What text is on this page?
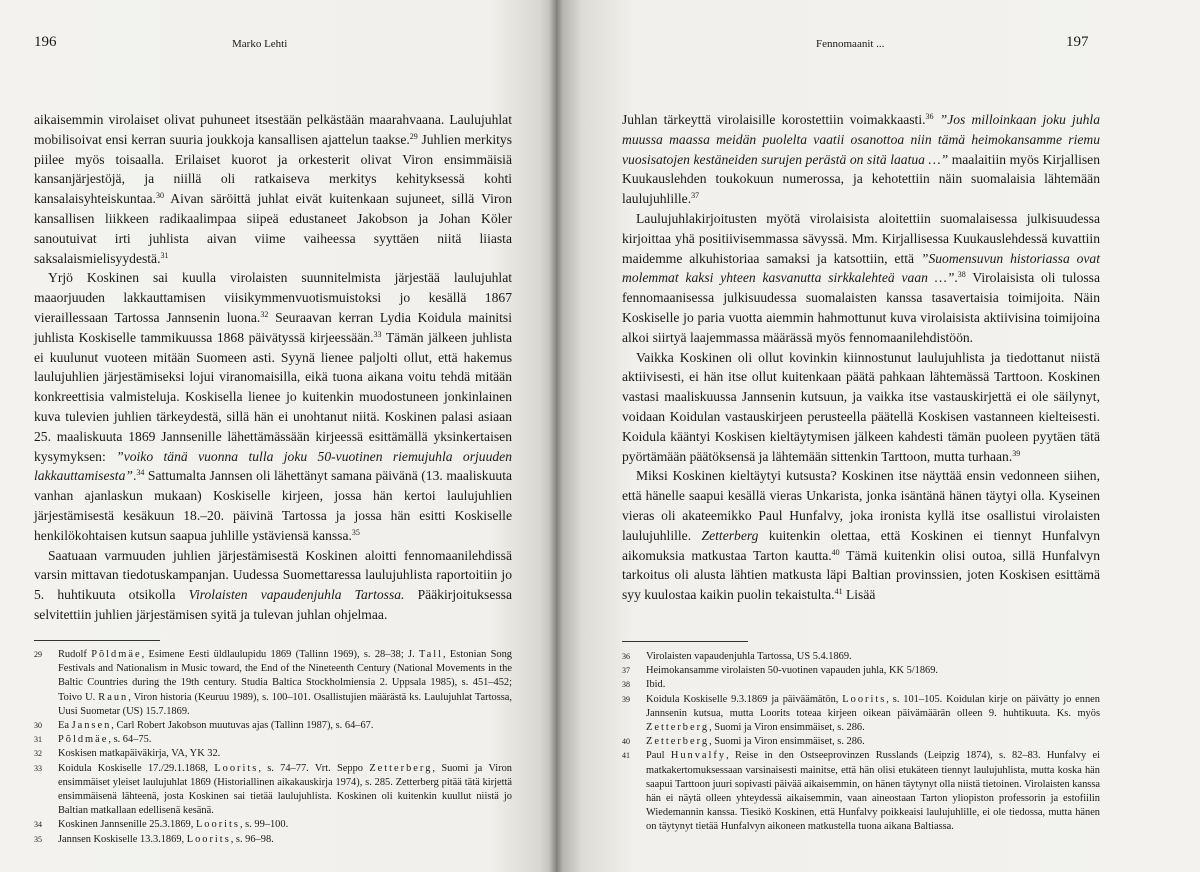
196	Marko Lehti

aikaisemmin virolaiset olivat puhuneet itsestään pelkästään maarahvaana. Laulujuhlat mobilisoivat ensi kerran suuria joukkoja kansallisen ajattelun taakse.$^{29}$ Juhlien merkitys piilee myös toisaalla. Erilaiset kuorot ja orkesterit olivat Viron ensimmäisiä kansanjärjestöjä, ja niillä oli ratkaiseva merkitys kehityksessä kohti kansalaisyhteiskuntaa.$^{30}$ Aivan säröittä juhlat eivät kuitenkaan sujuneet, sillä Viron kansallisen liikkeen radikaalimpaa siipeä edustaneet Jakobson ja Johan Köler sanoutuivat irti juhlista aivan viime vaiheessa syyttäen niitä liiasta saksalaismielisyydestä.$^{31}$

Yrjö Koskinen sai kuulla virolaisten suunnitelmista järjestää laulujuhlat maaorjuuden lakkauttamisen viisikymmenvuotismuistoksi jo kesällä 1867 vieraillessaan Tartossa Jannsenin luona.$^{32}$ Seuraavan kerran Lydia Koidula mainitsi juhlista Koskiselle tammikuussa 1868 päivätyssä kirjeessään.$^{33}$ Tämän jälkeen juhlista ei kuulunut vuoteen mitään Suomeen asti. Syynä lienee paljolti ollut, että hakemus laulujuhlien järjestämiseksi lojui viranomaisilla, eikä tuona aikana voitu tehdä mitään konkreettisia valmisteluja. Koskisella lienee jo kuitenkin muodostuneen jonkinlainen kuva tulevien juhlien tärkeydestä, sillä hän ei unohtanut niitä. Koskinen palasi asiaan 25. maaliskuuta 1869 Jannsenille lähettämässään kirjeessä esittämällä yksinkertaisen kysymyksen: ”voiko tänä vuonna tulla joku 50-vuotinen riemujuhla orjuuden lakkauttamisesta”.$^{34}$ Sattumalta Jannsen oli lähettänyt samana päivänä (13. maaliskuuta vanhan ajanlaskun mukaan) Koskiselle kirjeen, jossa hän kertoi laulujuhlien järjestämisestä kesäkuun 18.–20. päivinä Tartossa ja jossa hän esitti Koskiselle henkilökohtaisen kutsun saapua juhlille ystäviensä kanssa.$^{35}$

Saatuaan varmuuden juhlien järjestämisestä Koskinen aloitti fennomaanilehdissä varsin mittavan tiedotuskampanjan. Uudessa Suomettaressa laulujuhlista raportoitiin jo 5. huhtikuuta otsikolla Virolaisten vapaudenjuhla Tartossa. Pääkirjoituksessa selvitettiin juhlien järjestämisen syitä ja tulevan juhlan ohjelmaa.

29 Rudolf Põldmäe, Esimene Eesti üldlaulupidu 1869 (Tallinn 1969), s. 28–38; J. Tall, Estonian Song Festivals and Nationalism in Music toward, the End of the Nineteenth Century (National Movements in the Baltic Countries during the 19th century. Studia Baltica Stockholmiensia 2. Uppsala 1985), s. 451–452; Toivo U. Raun, Viron historia (Keuruu 1989), s. 100–101. Osallistujien määrästä ks. Laulujuhlat Tartossa, Uusi Suometar (US) 15.7.1869.
30 Ea Jansen, Carl Robert Jakobson muutuvas ajas (Tallinn 1987), s. 64–67.
31 Põldmäe, s. 64–75.
32 Koskisen matkapäiväkirja, VA, YK 32.
33 Koidula Koskiselle 17./29.1.1868, Loorits, s. 74–77. Vrt. Seppo Zetterberg, Suomi ja Viron ensimmäiset yleiset laulujuhlat 1869 (Historiallinen aikakauskirja 1974), s. 285. Zetterberg pitää tätä kirjettä ensimmäisenä lähteenä, josta Koskinen sai tietää laulujuhlista. Koskinen oli kuitenkin kuullut niistä jo Baltian matkallaan edellisenä kesänä.
34 Koskinen Jannsenille 25.3.1869, Loorits, s. 99–100.
35 Jannsen Koskiselle 13.3.1869, Loorits, s. 96–98.
Fennomaanit ...	197

Juhlan tärkeyttä virolaisille korostettiin voimakkaasti.$^{36}$ ”Jos milloinkaan joku juhla muussa maassa meidän puolelta vaatii osanottoa niin tämä heimokansamme riemu vuosisatojen kestäneiden surujen perästä on sitä laatua …” maalaitiin myös Kirjallisen Kuukauslehden toukokuun numerossa, ja kehotettiin näin suomalaisia lähtemään laulujuhlille.$^{37}$

Laulujuhlakirjoitusten myötä virolaisista aloitettiin suomalaisessa julkisuudessa kirjoittaa yhä positiivisemmassa sävyssä. Mm. Kirjallisessa Kuukauslehdessä kuvattiin maidemme alkuhistoriaa samaksi ja katsottiin, että ”Suomensuvun historiassa ovat molemmat kaksi yhteen kasvanutta sirkkalehteä vaan …”.$^{38}$ Virolaisista oli tulossa fennomaanisessa julkisuudessa suomalaisten kanssa tasavertaisia toimijoita. Näin Koskiselle jo paria vuotta aiemmin hahmottunut kuva virolaisista aktiivisina toimijoina alkoi siirtyä laajemmassa määrässä myös fennomaanilehdistöön.

Vaikka Koskinen oli ollut kovinkin kiinnostunut laulujuhlista ja tiedottanut niistä aktiivisesti, ei hän itse ollut kuitenkaan päätä pahkaan lähtemässä Tarttoon. Koskinen vastasi maaliskuussa Jannsenin kutsuun, ja vaikka itse vastauskirjettä ei ole säilynyt, voidaan Koidulan vastauskirjeen perusteella päätellä Koskisen vastanneen kielteisesti. Koidula kääntyi Koskisen kieltäytymisen jälkeen kahdesti tämän puoleen pyytäen tätä pyörtämään päätöksensä ja lähtemään sittenkin Tarttoon, mutta turhaan.$^{39}$

Miksi Koskinen kieltäytyi kutsusta? Koskinen itse näyttää ensin vedonneen siihen, että hänelle saapui kesällä vieras Unkarista, jonka isäntänä hänen täytyi olla. Kyseinen vieras oli akateemikko Paul Hunfalvy, joka ironista kyllä itse osallistui virolaisten laulujuhlille. Zetterberg kuitenkin olettaa, että Koskinen ei tiennyt Hunfalvyn aikomuksia matkustaa Tarton kautta.$^{40}$ Tämä kuitenkin olisi outoa, sillä Hunfalvyn tarkoitus oli alusta lähtien matkusta läpi Baltian provinssien, joten Koskisen esittämä syy kuulostaa kaikin puolin tekaistulta.$^{41}$ Lisää

36 Virolaisten vapaudenjuhla Tartossa, US 5.4.1869.
37 Heimokansamme virolaisten 50-vuotinen vapauden juhla, KK 5/1869.
38 Ibid.
39 Koidula Koskiselle 9.3.1869 ja päiväämätön, Loorits, s. 101–105. Koidulan kirje on päivätty jo ennen Jannsenin kutsua, mutta Loorits toteaa kirjeen oikean päivämäärän olleen 9. huhtikuuta. Ks. myös Zetterberg, Suomi ja Viron ensimmäiset, s. 286.
40 Zetterberg, Suomi ja Viron ensimmäiset, s. 286.
41 Paul Hunvalfy, Reise in den Ostseeprovinzen Russlands (Leipzig 1874), s. 82–83. Hunfalvy ei matkakertomuksessaan varsinaisesti mainitse, että hän olisi etukäteen tiennyt laulujuhlista, mutta koska hän saapui Tarttoon juuri sopivasti päivää aikaisemmin, on hänen täytynyt olla niistä tietoinen. Virolaisten kanssa hän ei näytä olleen yhteydessä aikaisemmin, vaan aineostaan Tarton yliopiston professorin ja estofiilin Wiedemannin kanssa. Tiesikö Koskinen, että Hunfalvy poikkeaisi laulujuhlille, ei ole tiedossa, mutta hänen on täytynyt tietää Hunfalvyn aikoneen matkustella tuona aikana Baltiassa.
